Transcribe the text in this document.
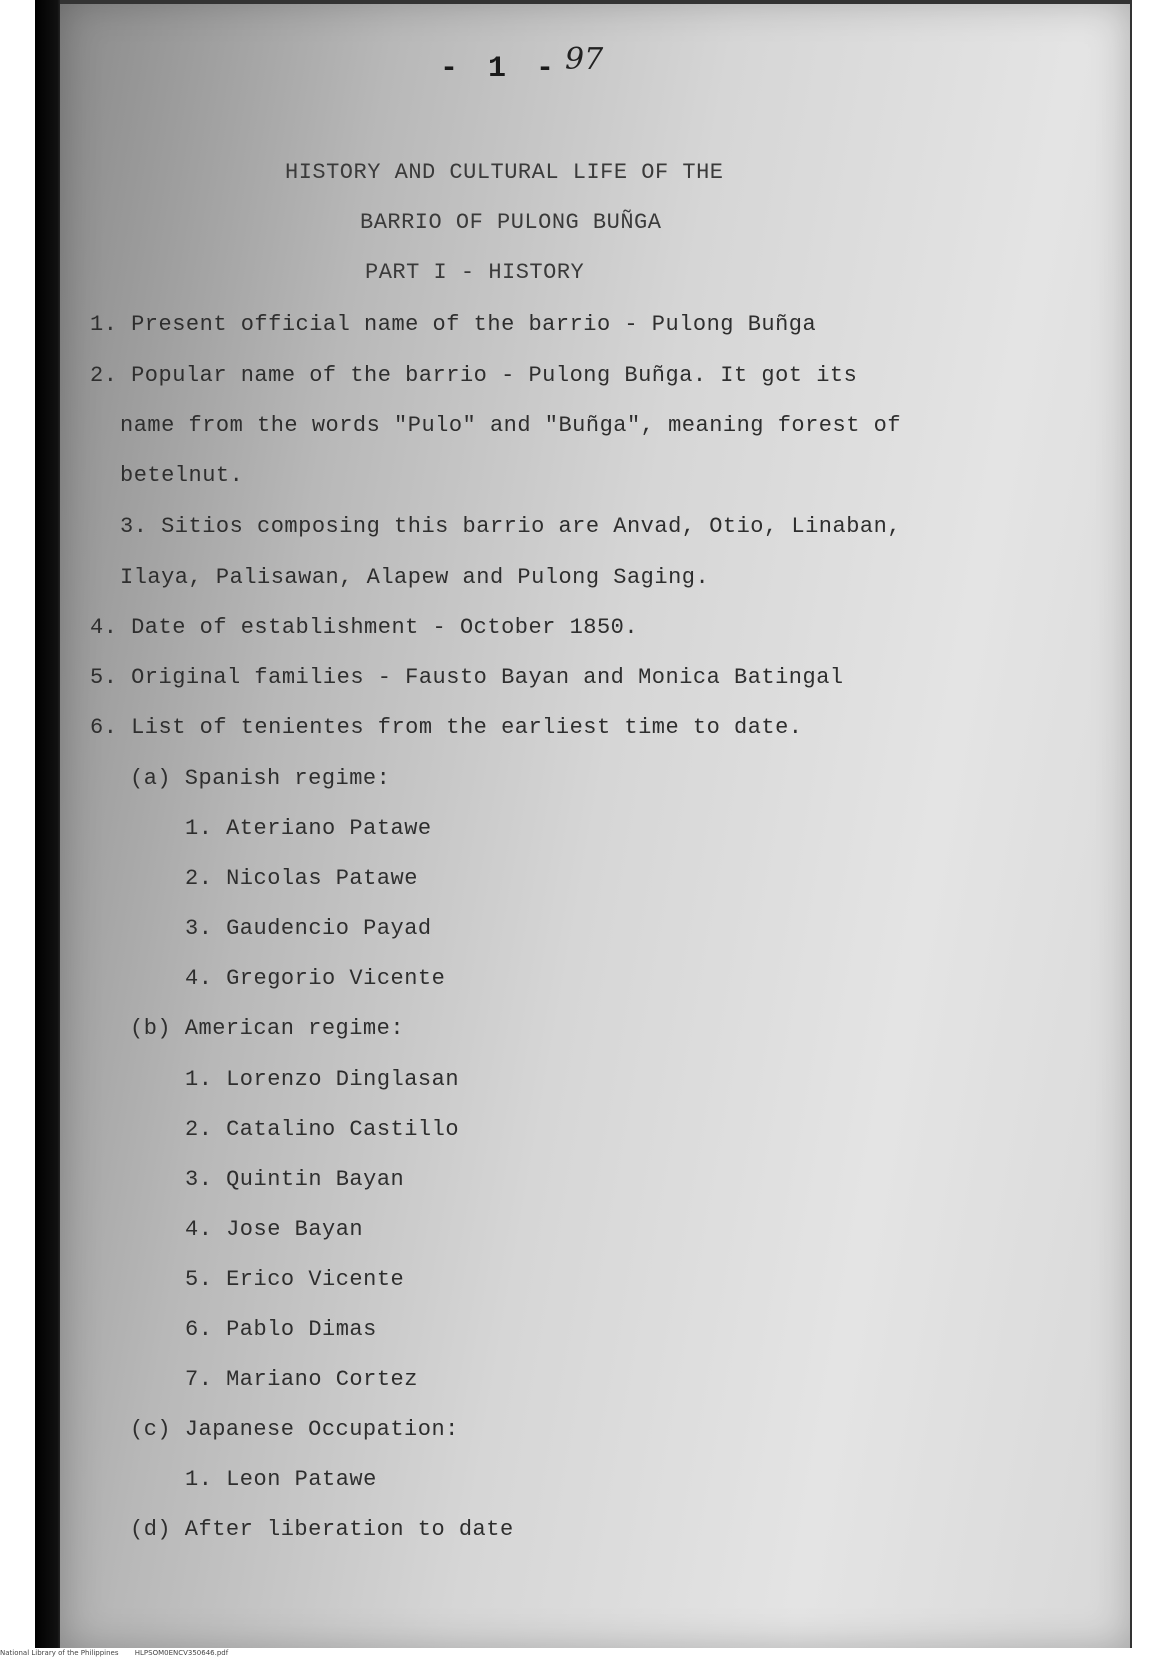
- 1 - 97
HISTORY AND CULTURAL LIFE OF THE
BARRIO OF PULONG BUÑGA
PART I - HISTORY
1. Present official name of the barrio - Pulong Buñga
2. Popular name of the barrio - Pulong Buñga. It got its
name from the words "Pulo" and "Buñga", meaning forest of
betelnut.
3. Sitios composing this barrio are Anvad, Otio, Linaban,
Ilaya, Palisawan, Alapew and Pulong Saging.
4. Date of establishment - October 1850.
5. Original families - Fausto Bayan and Monica Batingal
6. List of tenientes from the earliest time to date.
(a) Spanish regime:
1. Ateriano Patawe
2. Nicolas Patawe
3. Gaudencio Payad
4. Gregorio Vicente
(b) American regime:
1. Lorenzo Dinglasan
2. Catalino Castillo
3. Quintin Bayan
4. Jose Bayan
5. Erico Vicente
6. Pablo Dimas
7. Mariano Cortez
(c) Japanese Occupation:
1. Leon Patawe
(d) After liberation to date
National Library of the Philippines HLPSOM0ENCV350646.pdf
